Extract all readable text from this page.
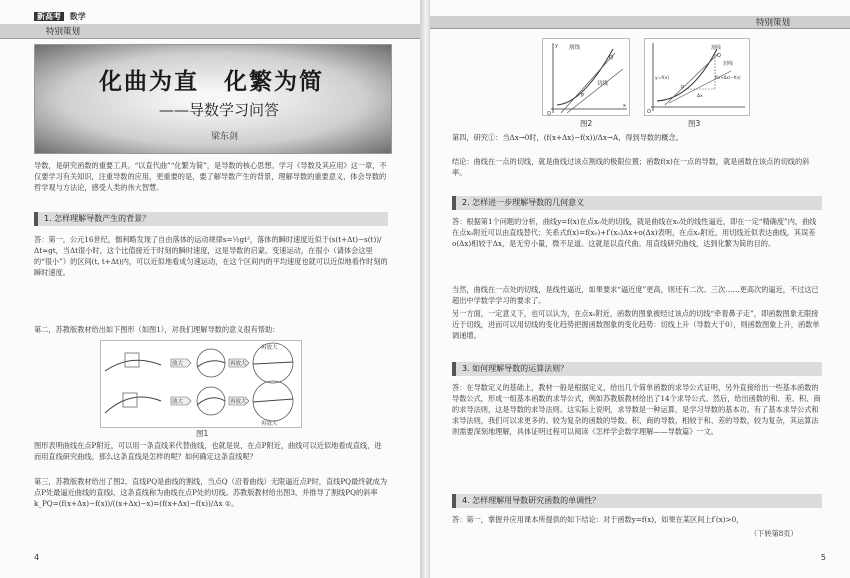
新高考 数学
特别策划
化曲为直　化繁为简
——导数学习问答
梁东剑
导数，是研究函数的重要工具。“以直代曲”“化繁为简”，是导数的核心思想。学习《导数及其应用》这一章，不仅要学习有关知识，注重导数的应用，更重要的是，要了解导数产生的背景，理解导数的重要意义，体会导数的哲学观与方法论，感受人类的伟大智慧。
1. 怎样理解导数产生的背景？
答：第一，公元16世纪，伽利略发现了自由落体的运动规律s=½gt²，落体的瞬时速度近似于(s(t+Δt)−s(t))/Δt≈gt，当Δt很小时，这个比值接近于时刻的瞬时速度，这是导数的启蒙。变速运动，在很小（请体会这里的“很小”）的区间(t, t+Δt)内，可以近似地看成匀速运动，在这个区间内的平均速度也就可以近似地看作时刻的瞬时速度。
第二，苏教版教材给出如下图形（如图1），对我们理解导数的意义很有帮助：
放大	再放大
再放大
放大	再放大
再放大
图1
图形表明曲线在点P附近，可以用一条直线来代替曲线，也就是说，在点P附近，曲线可以近似地看成直线，进而用直线研究曲线。那么这条直线是怎样的呢？如何确定这条直线呢？
第三，苏教版教材给出了图2，直线PQ是曲线的割线，当点Q（沿着曲线）无限逼近点P时，直线PQ最终就成为点P处最逼近曲线的直线l，这条直线称为曲线在点P处的切线。苏教版教材给出图3，并推导了割线PQ的斜率k_PQ=(f(x+Δx)−f(x))/((x+Δx)−x)=(f(x+Δx)−f(x))/Δx ①。
4
特别策划
割线
切线
P
Q
O
x
y
图2
割线
切线
y=f(x)	f(x+Δx)−f(x)
Δx
P
Q
O
图3
第四，研究①：当Δx→0时，(f(x+Δx)−f(x))/Δx→A，得到导数的概念。
结论：曲线在一点的切线，就是曲线过该点割线的极限位置；函数f(x)在一点的导数，就是函数在该点的切线的斜率。
2. 怎样进一步理解导数的几何意义
答：根据第1个问题的分析，曲线y=f(x)在点x₀处的切线，就是曲线在x₀处的线性逼近，即在一定“精确度”内，曲线在点x₀附近可以由直线替代；关系式f(x)=f(x₀)+f′(x₀)Δx+o(Δx)表明，在点x₀附近，用切线近似表达曲线，其误差o(Δx)相较于Δx，是无穷小量，微不足道。这就是以直代曲。用直线研究曲线，达到化繁为简的目的。
当然，曲线在一点处的切线，是线性逼近，如果要求“逼近度”更高，则还有二次、三次……更高次的逼近，不过这已超出中学数学学习的要求了。
另一方面，一定意义下，也可以认为，在点x₀附近，函数的图象被经过该点的切线“牵着鼻子走”，即函数图象无限接近于切线，进而可以用切线的变化趋势把握函数图象的变化趋势：切线上升（导数大于0），则函数图象上升，函数单调递增。
3. 如何理解导数的运算法则？
答：在导数定义的基础上，教材一般是根据定义，给出几个简单函数的求导公式证明，另外直接给出一些基本函数的导数公式，形成一组基本函数的求导公式，例如苏教版教材给出了14个求导公式。然后，给出函数的和、差、积、商的求导法则，这是导数的求导法则。这实际上说明，求导数是一种运算，是学习导数的基本功。有了基本求导公式和求导法则，我们可以求更多的、较为复杂的函数的导数。积、商的导数，相较于和、差的导数，较为复杂，其运算法则需要深刻地理解，具体证明过程可以阅读《怎样学会数学理解——导数篇》一文。
4. 怎样理解用导数研究函数的单调性？
答：第一，掌握并应用课本所提供的如下结论：对于函数y=f(x)，如果在某区间上f′(x)>0，
（下转第8页）
5
